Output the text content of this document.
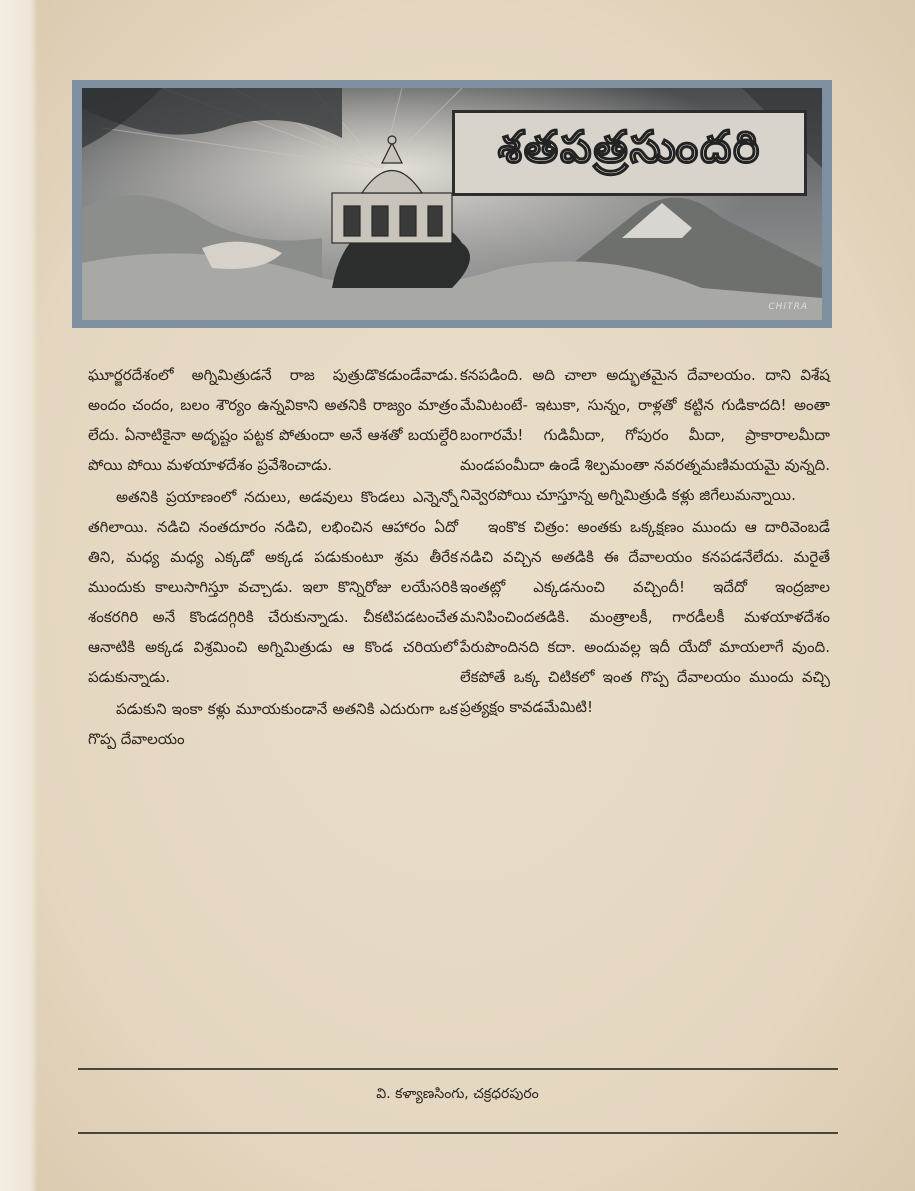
శతపత్రసుందరి
CHITRA

ఘూర్జరదేశంలో అగ్నిమిత్రుడనే రాజ పుత్రుడొకడుండేవాడు. అందం చందం, బలం శౌర్యం ఉన్నవికాని అతనికి రాజ్యం మాత్రం లేదు. ఏనాటికైనా అదృష్టం పట్టక పోతుందా అనే ఆశతో బయల్దేరి పోయి పోయి మళయాళదేశం ప్రవేశించాడు.

అతనికి ప్రయాణంలో నదులు, అడవులు కొండలు ఎన్నెన్నో తగిలాయి. నడిచి నంతదూరం నడిచి, లభించిన ఆహారం ఏదో తిని, మధ్య మధ్య ఎక్కడో అక్కడ పడుకుంటూ శ్రమ తీరేక ముందుకు కాలుసాగిస్తూ వచ్చాడు. ఇలా కొన్నిరోజు లయేసరికి శంకరగిరి అనే కొండదగ్గిరికి చేరుకున్నాడు. చీకటిపడటంచేత ఆనాటికి అక్కడ విశ్రమించి అగ్నిమిత్రుడు ఆ కొండ చరియలో పడుకున్నాడు.

పడుకుని ఇంకా కళ్లు మూయకుండానే అతనికి ఎదురుగా ఒక గొప్ప దేవాలయం

కనపడింది. అది చాలా అద్భుతమైన దేవాలయం. దాని విశేష మేమిటంటే- ఇటుకా, సున్నం, రాళ్లతో కట్టిన గుడికాదది! అంతా బంగారమే! గుడిమీదా, గోపురం మీదా, ప్రాకారాలమీదా మండపంమీదా ఉండే శిల్పమంతా నవరత్నమణిమయమై వున్నది. నివ్వెరపోయి చూస్తూన్న అగ్నిమిత్రుడి కళ్లు జిగేలుమన్నాయి.

ఇంకొక చిత్రం: అంతకు ఒక్కక్షణం ముందు ఆ దారివెంబడే నడిచి వచ్చిన అతడికి ఈ దేవాలయం కనపడనేలేదు. మరైతే ఇంతట్లో ఎక్కడనుంచి వచ్చిందీ! ఇదేదో ఇంద్రజాల మనిపించిందతడికి. మంత్రాలకీ, గారడీలకీ మళయాళదేశం పేరుపొందినది కదా. అందువల్ల ఇదీ యేదో మాయలాగే వుంది. లేకపోతే ఒక్క చిటికలో ఇంత గొప్ప దేవాలయం ముందు వచ్చి ప్రత్యక్షం కావడమేమిటి!

వి. కళ్యాణసింగు, చక్రధరపురం
